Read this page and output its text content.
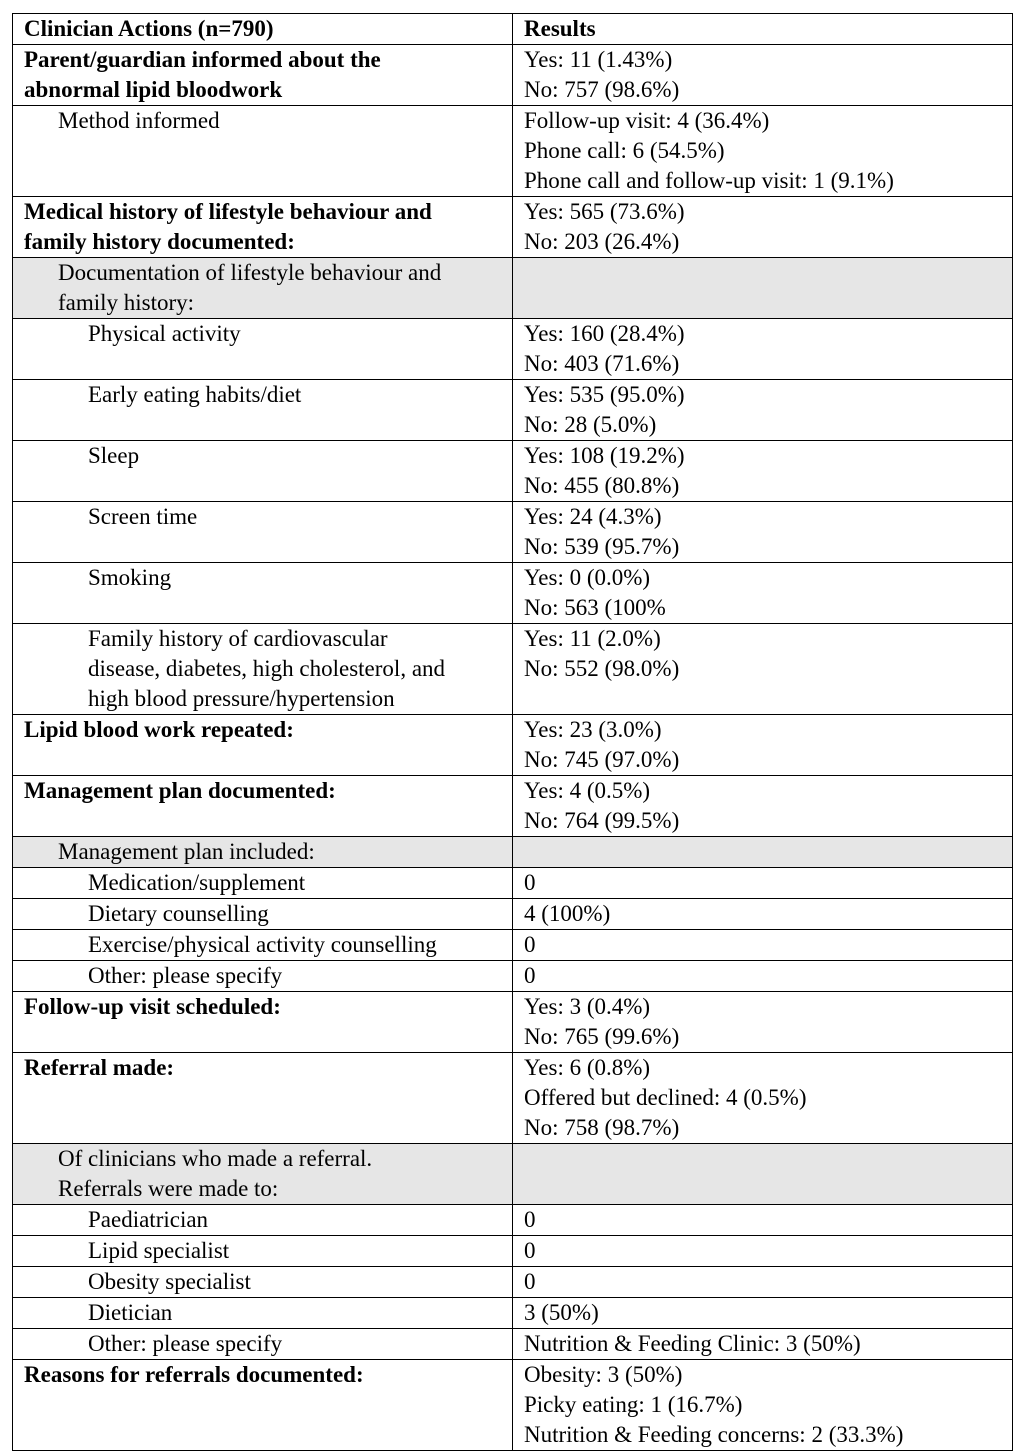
Clinician Actions (n=790)	Results

Parent/guardian informed about the
abnormal lipid bloodwork	Yes: 11 (1.43%)
No: 757 (98.6%)

Method informed	Follow-up visit: 4 (36.4%)
Phone call: 6 (54.5%)
Phone call and follow-up visit: 1 (9.1%)

Medical history of lifestyle behaviour and
family history documented:	Yes: 565 (73.6%)
No: 203 (26.4%)

Documentation of lifestyle behaviour and
family history:	

Physical activity	Yes: 160 (28.4%)
No: 403 (71.6%)

Early eating habits/diet	Yes: 535 (95.0%)
No: 28 (5.0%)

Sleep	Yes: 108 (19.2%)
No: 455 (80.8%)

Screen time	Yes: 24 (4.3%)
No: 539 (95.7%)

Smoking	Yes: 0 (0.0%)
No: 563 (100%

Family history of cardiovascular
disease, diabetes, high cholesterol, and
high blood pressure/hypertension	Yes: 11 (2.0%)
No: 552 (98.0%)

Lipid blood work repeated:	Yes: 23 (3.0%)
No: 745 (97.0%)

Management plan documented:	Yes: 4 (0.5%)
No: 764 (99.5%)

Management plan included:	

Medication/supplement	0

Dietary counselling	4 (100%)

Exercise/physical activity counselling	0

Other: please specify	0

Follow-up visit scheduled:	Yes: 3 (0.4%)
No: 765 (99.6%)

Referral made:	Yes: 6 (0.8%)
Offered but declined: 4 (0.5%)
No: 758 (98.7%)

Of clinicians who made a referral.
Referrals were made to:	

Paediatrician	0

Lipid specialist	0

Obesity specialist	0

Dietician	3 (50%)

Other: please specify	Nutrition & Feeding Clinic: 3 (50%)

Reasons for referrals documented:	Obesity: 3 (50%)
Picky eating: 1 (16.7%)
Nutrition & Feeding concerns: 2 (33.3%)
